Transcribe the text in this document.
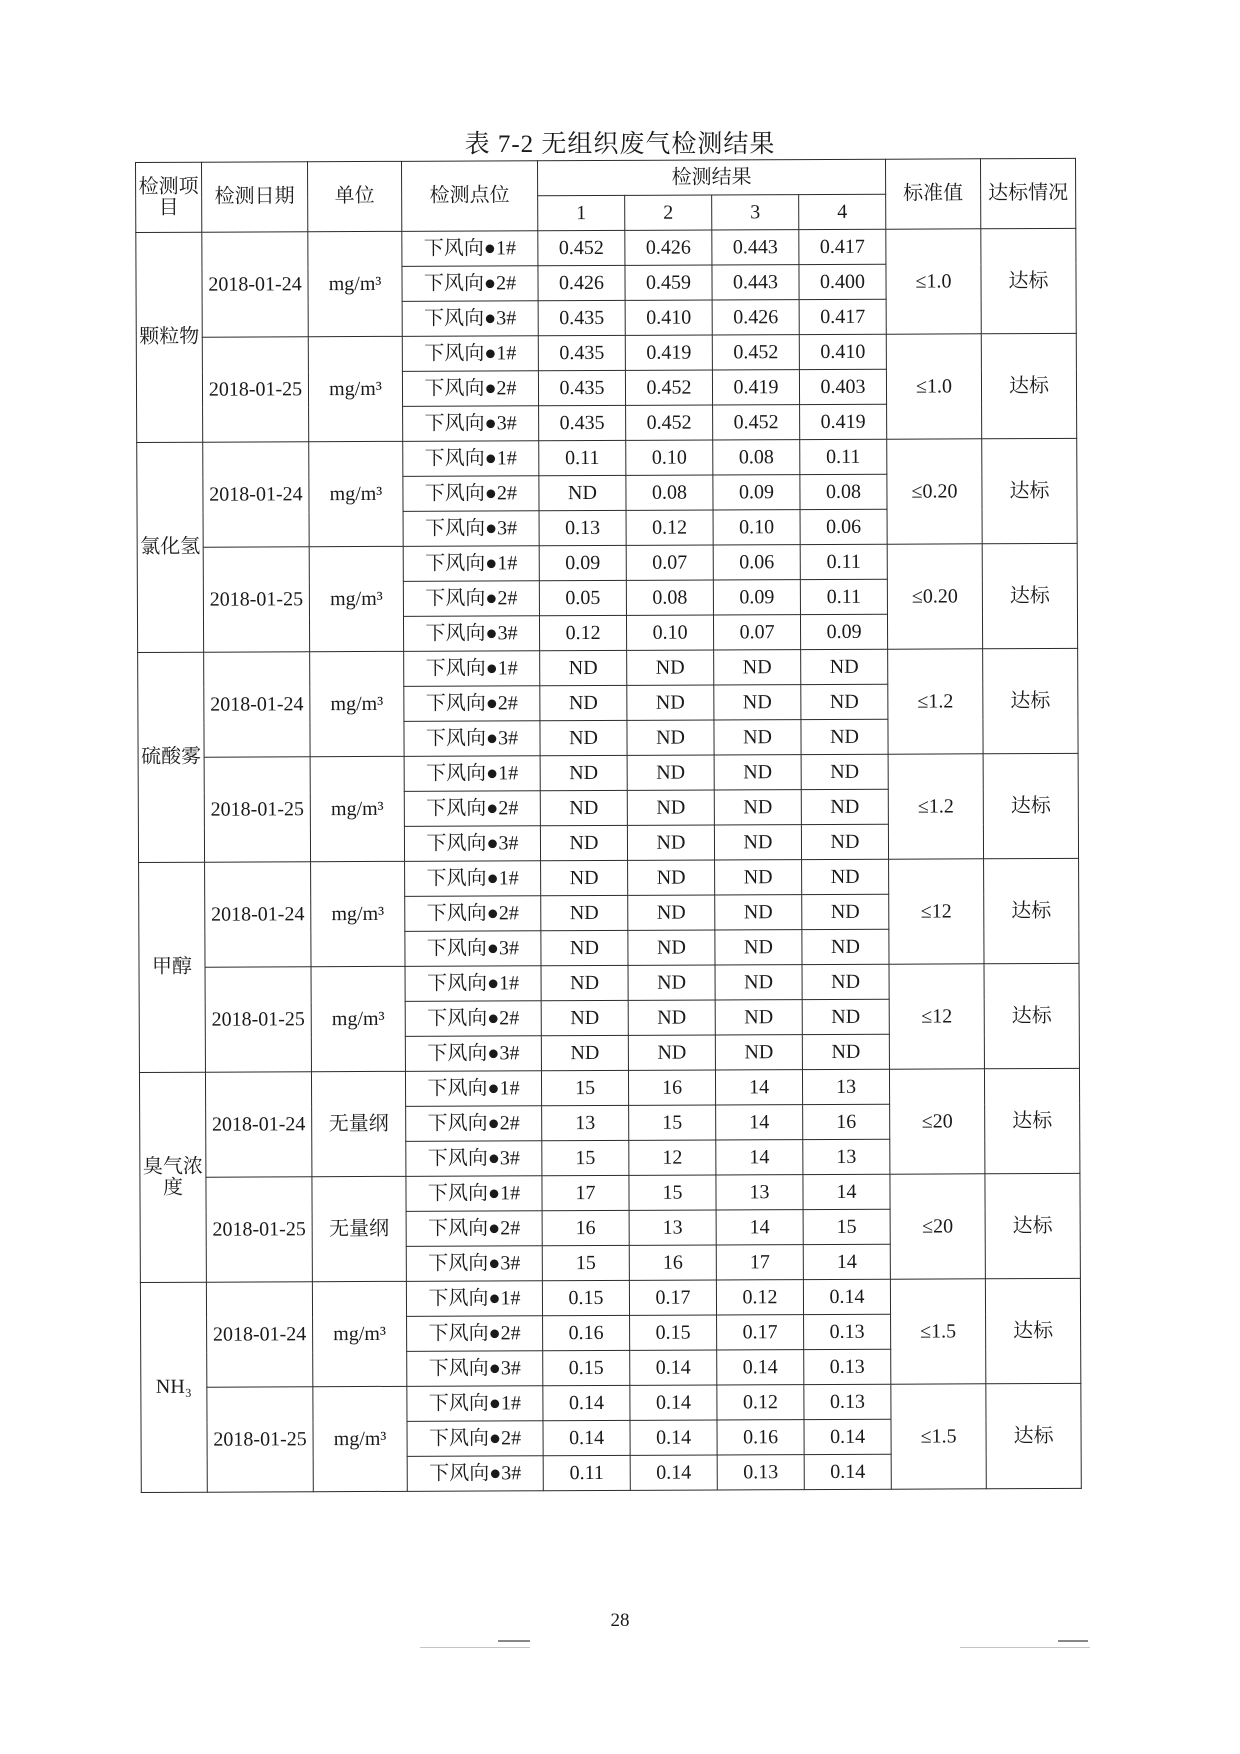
表 7-2 无组织废气检测结果
检测项目	检测日期	单位	检测点位	检测结果				标准值	达标情况
				1	2	3	4		
颗粒物	2018-01-24	mg/m³	下风向●1#	0.452	0.426	0.443	0.417	≤1.0	达标
			下风向●2#	0.426	0.459	0.443	0.400		
			下风向●3#	0.435	0.410	0.426	0.417		
	2018-01-25	mg/m³	下风向●1#	0.435	0.419	0.452	0.410	≤1.0	达标
			下风向●2#	0.435	0.452	0.419	0.403		
			下风向●3#	0.435	0.452	0.452	0.419		
氯化氢	2018-01-24	mg/m³	下风向●1#	0.11	0.10	0.08	0.11	≤0.20	达标
			下风向●2#	ND	0.08	0.09	0.08		
			下风向●3#	0.13	0.12	0.10	0.06		
	2018-01-25	mg/m³	下风向●1#	0.09	0.07	0.06	0.11	≤0.20	达标
			下风向●2#	0.05	0.08	0.09	0.11		
			下风向●3#	0.12	0.10	0.07	0.09		
硫酸雾	2018-01-24	mg/m³	下风向●1#	ND	ND	ND	ND	≤1.2	达标
			下风向●2#	ND	ND	ND	ND		
			下风向●3#	ND	ND	ND	ND		
	2018-01-25	mg/m³	下风向●1#	ND	ND	ND	ND	≤1.2	达标
			下风向●2#	ND	ND	ND	ND		
			下风向●3#	ND	ND	ND	ND		
甲醇	2018-01-24	mg/m³	下风向●1#	ND	ND	ND	ND	≤12	达标
			下风向●2#	ND	ND	ND	ND		
			下风向●3#	ND	ND	ND	ND		
	2018-01-25	mg/m³	下风向●1#	ND	ND	ND	ND	≤12	达标
			下风向●2#	ND	ND	ND	ND		
			下风向●3#	ND	ND	ND	ND		
臭气浓度	2018-01-24	无量纲	下风向●1#	15	16	14	13	≤20	达标
			下风向●2#	13	15	14	16		
			下风向●3#	15	12	14	13		
	2018-01-25	无量纲	下风向●1#	17	15	13	14	≤20	达标
			下风向●2#	16	13	14	15		
			下风向●3#	15	16	17	14		
NH₃	2018-01-24	mg/m³	下风向●1#	0.15	0.17	0.12	0.14	≤1.5	达标
			下风向●2#	0.16	0.15	0.17	0.13		
			下风向●3#	0.15	0.14	0.14	0.13		
	2018-01-25	mg/m³	下风向●1#	0.14	0.14	0.12	0.13	≤1.5	达标
			下风向●2#	0.14	0.14	0.16	0.14		
			下风向●3#	0.11	0.14	0.13	0.14		
28
